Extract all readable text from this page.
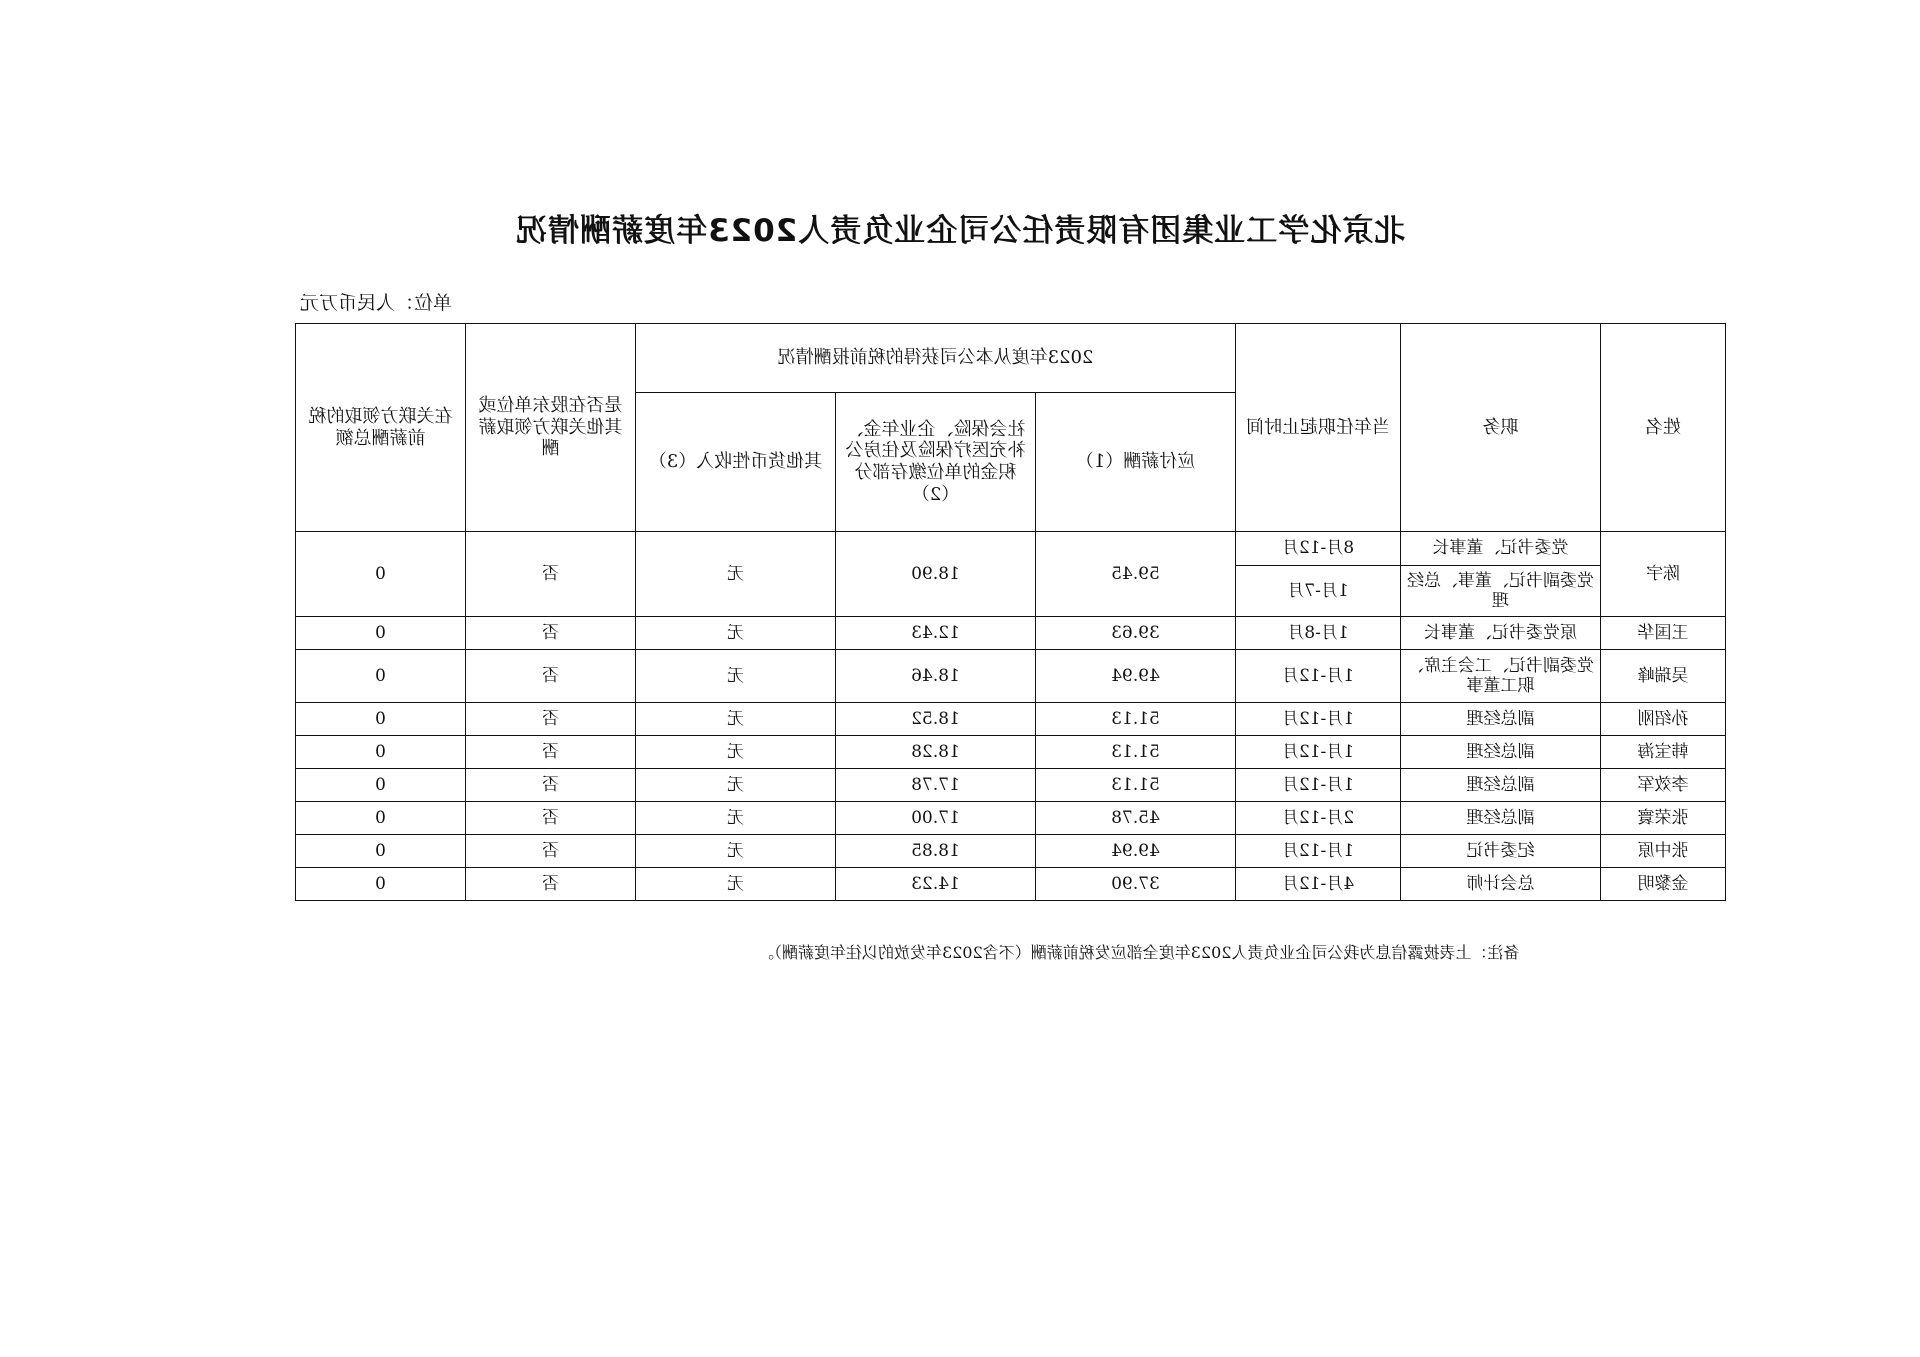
北京化学工业集团有限责任公司企业负责人2023年度薪酬情况
单位：人民币万元
在关联方领取的税前薪酬总额	是否在股东单位或其他关联方领取薪酬	2023年度从本公司获得的税前报酬情况			当年任职起止时间	职务	姓名

		其他货币性收入（3）	社会保险、企业年金、补充医疗保险及住房公积金的单位缴存部分（2）	应付薪酬（1）			

0	否	无	18.90	59.45	8月-12月	党委书记、董事长	陈宇

					1月-7月	党委副书记、董事、总经理	

0	否	无	12.43	39.63	1月-8月	原党委书记、董事长	王国华

0	否	无	18.46	49.94	1月-12月	党委副书记、工会主席、职工董事	吴瑞峰

0	否	无	18.52	51.13	1月-12月	副总经理	孙绍刚

0	否	无	18.28	51.13	1月-12月	副总经理	韩宝海

0	否	无	17.78	51.13	1月-12月	副总经理	李效军

0	否	无	17.00	45.78	2月-12月	副总经理	张荣寰

0	否	无	18.85	49.94	1月-12月	纪委书记	张中原

0	否	无	14.23	37.90	4月-12月	总会计师	金黎明
备注：上表披露信息为我公司企业负责人2023年度全部应发税前薪酬（不含2023年发放的以往年度薪酬）。
